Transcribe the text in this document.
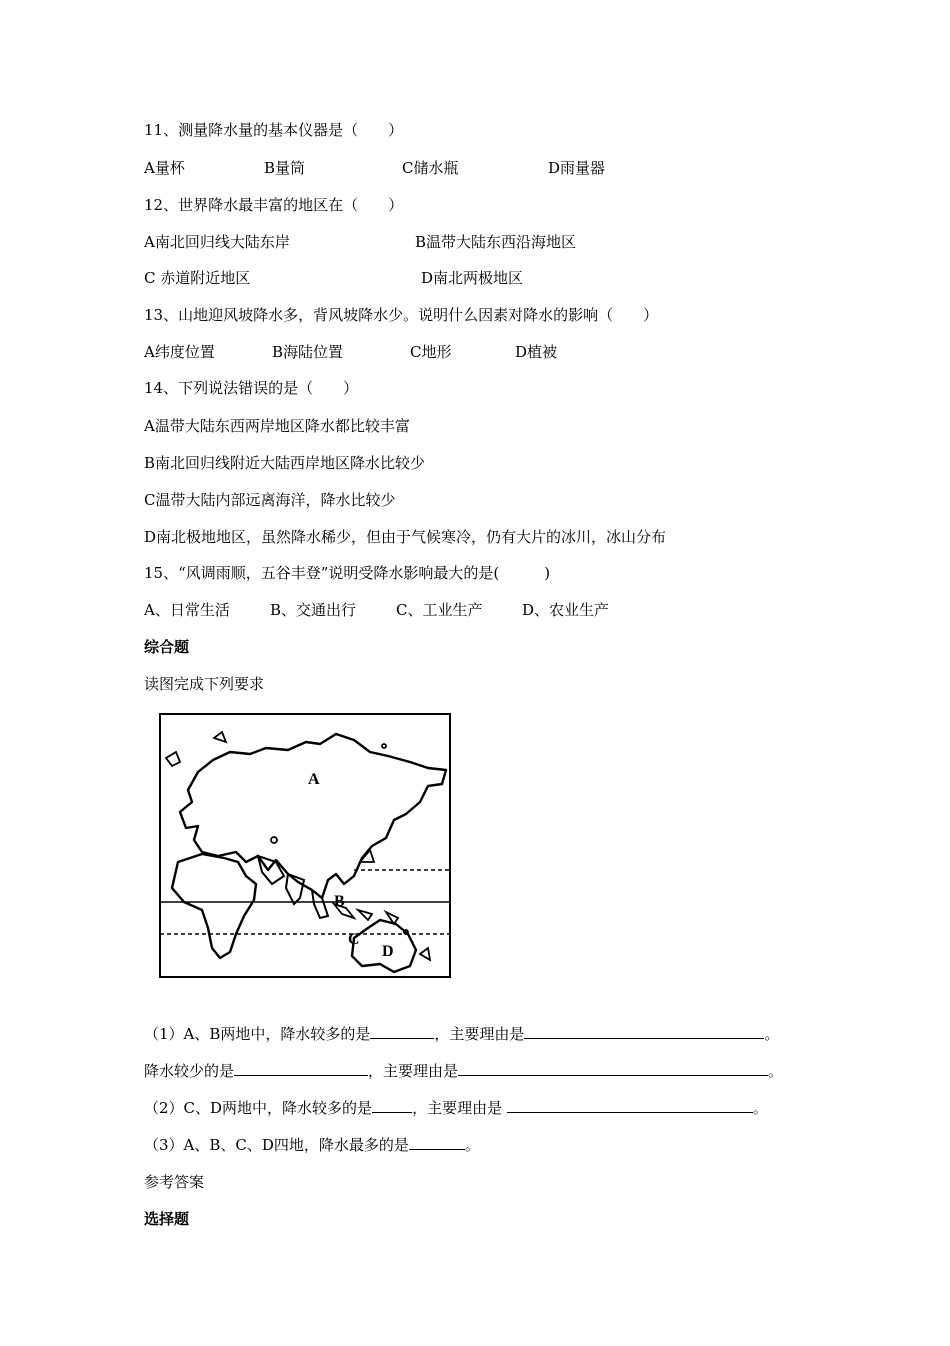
11、测量降水量的基本仪器是（　　）
A量杯	B量筒	C储水瓶	D雨量器
12、世界降水最丰富的地区在（　　）
A南北回归线大陆东岸	B温带大陆东西沿海地区
C 赤道附近地区	D南北两极地区
13、山地迎风坡降水多，背风坡降水少。说明什么因素对降水的影响（　　）
A纬度位置	B海陆位置	C地形	D植被
14、下列说法错误的是（　　）
A温带大陆东西两岸地区降水都比较丰富
B南北回归线附近大陆西岸地区降水比较少
C温带大陆内部远离海洋，降水比较少
D南北极地地区，虽然降水稀少，但由于气候寒冷，仍有大片的冰川，冰山分布
15、“风调雨顺，五谷丰登”说明受降水影响最大的是(　　　)
A、日常生活	B、交通出行	C、工业生产	D、农业生产
综合题
读图完成下列要求
A
B
C
D
（1）A、B两地中，降水较多的是	，主要理由是	。
降水较少的是	，主要理由是	。
（2）C、D两地中，降水较多的是	，主要理由是	。
（3）A、B、C、D四地，降水最多的是	。
参考答案
选择题
